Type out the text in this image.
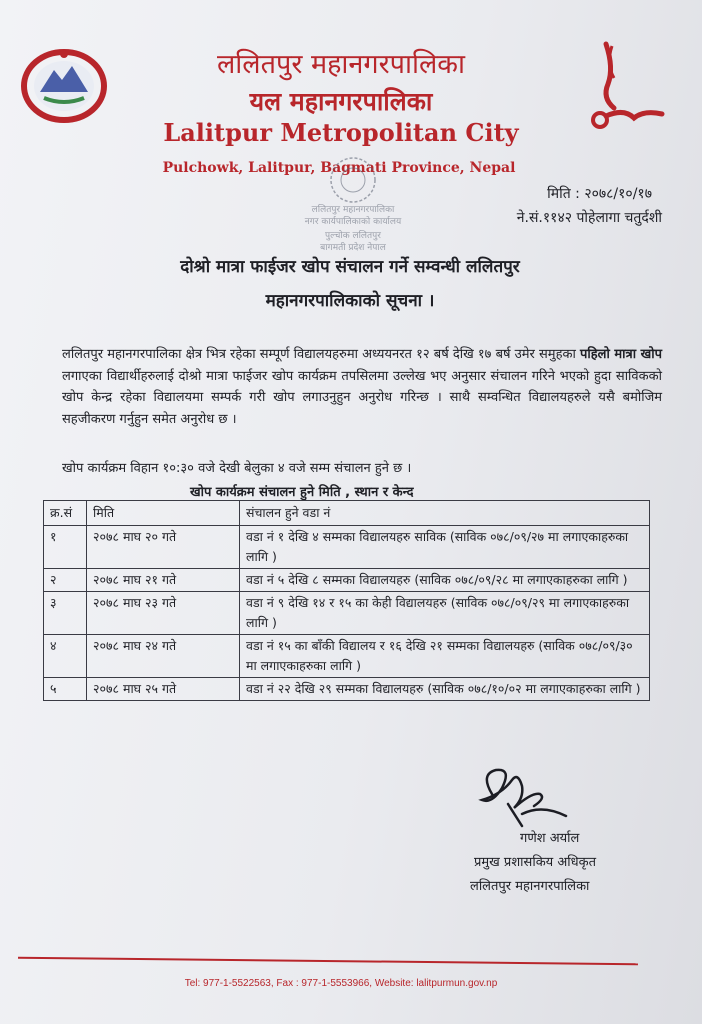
ललितपुर महानगरपालिका
यल महानगरपालिका
Lalitpur Metropolitan City
Pulchowk, Lalitpur, Bagmati Province, Nepal
ललितपुर महानगरपालिका
नगर कार्यपालिकाको कार्यालय
पुल्चोक ललितपुर
बागमती प्रदेश नेपाल
मिति : २०७८/१०/१७
ने.सं.११४२ पोहेलागा चतुर्दशी
दोश्रो मात्रा फाईजर खोप संचालन गर्ने सम्वन्धी ललितपुर
महानगरपालिकाको सूचना ।
ललितपुर महानगरपालिका क्षेत्र भित्र रहेका सम्पूर्ण विद्यालयहरुमा अध्ययनरत १२ बर्ष देखि १७ बर्ष उमेर समुहका पहिलो मात्रा खोप लगाएका विद्यार्थीहरुलाई दोश्रो मात्रा फाईजर खोप कार्यक्रम तपसिलमा उल्लेख भए अनुसार संचालन गरिने भएको हुदा साविकको खोप केन्द्र रहेका विद्यालयमा सम्पर्क गरी खोप लगाउनुहुन अनुरोध गरिन्छ । साथै सम्वन्धित विद्यालयहरुले यसै बमोजिम सहजीकरण गर्नुहुन समेत अनुरोध छ ।
खोप कार्यक्रम विहान १०:३० वजे देखी बेलुका ४ वजे सम्म संचालन हुने छ ।
खोप कार्यक्रम संचालन हुने मिति , स्थान र केन्द
क्र.सं	मिति	संचालन हुने वडा नं
१	२०७८ माघ २० गते	वडा नं १ देखि ४ सम्मका विद्यालयहरु साविक (साविक ०७८/०९/२७ मा लगाएकाहरुका लागि )
२	२०७८ माघ २१ गते	वडा नं ५ देखि ८ सम्मका विद्यालयहरु (साविक ०७८/०९/२८ मा लगाएकाहरुका लागि )
३	२०७८ माघ २३ गते	वडा नं ९ देखि १४ र १५ का केही विद्यालयहरु (साविक ०७८/०९/२९ मा लगाएकाहरुका लागि )
४	२०७८ माघ २४ गते	वडा नं १५ का बाँकी विद्यालय र १६ देखि २१ सम्मका विद्यालयहरु (साविक ०७८/०९/३० मा लगाएकाहरुका लागि )
५	२०७८ माघ २५ गते	वडा नं २२ देखि २९ सम्मका विद्यालयहरु (साविक ०७८/१०/०२ मा लगाएकाहरुका लागि )
गणेश अर्याल
प्रमुख प्रशासकिय अधिकृत
ललितपुर महानगरपालिका
Tel: 977-1-5522563, Fax : 977-1-5553966, Website: lalitpurmun.gov.np
